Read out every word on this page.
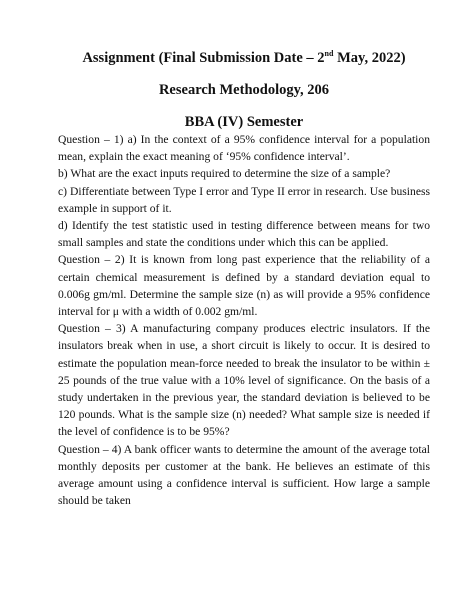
Assignment (Final Submission Date – 2nd May, 2022)
Research Methodology, 206
BBA (IV) Semester

Question – 1) a) In the context of a 95% confidence interval for a population mean, explain the exact meaning of ‘95% confidence interval’.

b) What are the exact inputs required to determine the size of a sample?

c) Differentiate between Type I error and Type II error in research. Use business example in support of it.

d) Identify the test statistic used in testing difference between means for two small samples and state the conditions under which this can be applied.

Question – 2) It is known from long past experience that the reliability of a certain chemical measurement is defined by a standard deviation equal to 0.006g gm/ml. Determine the sample size (n) as will provide a 95% confidence interval for μ with a width of 0.002 gm/ml.

Question – 3) A manufacturing company produces electric insulators. If the insulators break when in use, a short circuit is likely to occur. It is desired to estimate the population mean-force needed to break the insulator to be within ± 25 pounds of the true value with a 10% level of significance. On the basis of a study undertaken in the previous year, the standard deviation is believed to be 120 pounds. What is the sample size (n) needed? What sample size is needed if the level of confidence is to be 95%?

Question – 4) A bank officer wants to determine the amount of the average total monthly deposits per customer at the bank. He believes an estimate of this average amount using a confidence interval is sufficient. How large a sample should be taken
